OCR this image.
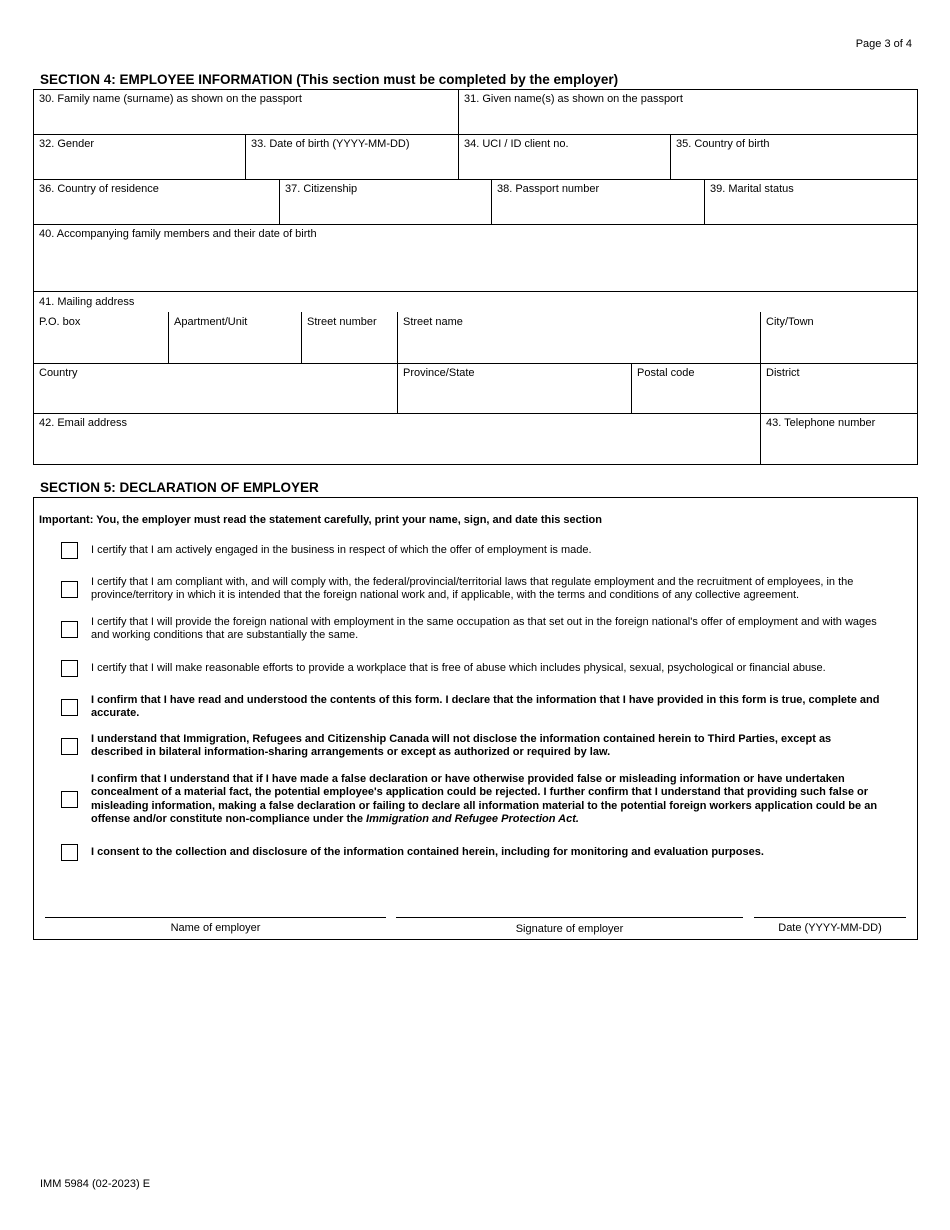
Page 3 of 4
SECTION 4: EMPLOYEE INFORMATION (This section must be completed by the employer)
30. Family name (surname) as shown on the passport	31. Given name(s) as shown on the passport
32. Gender	33. Date of birth (YYYY-MM-DD)	34. UCI / ID client no.	35. Country of birth
36. Country of residence	37. Citizenship	38. Passport number	39. Marital status
40. Accompanying family members and their date of birth
41. Mailing address
P.O. box	Apartment/Unit	Street number	Street name	City/Town
Country	Province/State	Postal code	District
42. Email address	43. Telephone number
SECTION 5: DECLARATION OF EMPLOYER
Important: You, the employer must read the statement carefully, print your name, sign, and date this section
I certify that I am actively engaged in the business in respect of which the offer of employment is made.
I certify that I am compliant with, and will comply with, the federal/provincial/territorial laws that regulate employment and the recruitment of employees, in the province/territory in which it is intended that the foreign national work and, if applicable, with the terms and conditions of any collective agreement.
I certify that I will provide the foreign national with employment in the same occupation as that set out in the foreign national's offer of employment and with wages and working conditions that are substantially the same.
I certify that I will make reasonable efforts to provide a workplace that is free of abuse which includes physical, sexual, psychological or financial abuse.
I confirm that I have read and understood the contents of this form. I declare that the information that I have provided in this form is true, complete and accurate.
I understand that Immigration, Refugees and Citizenship Canada will not disclose the information contained herein to Third Parties, except as described in bilateral information-sharing arrangements or except as authorized or required by law.
I confirm that I understand that if I have made a false declaration or have otherwise provided false or misleading information or have undertaken concealment of a material fact, the potential employee's application could be rejected. I further confirm that I understand that providing such false or misleading information, making a false declaration or failing to declare all information material to the potential foreign workers application could be an offense and/or constitute non-compliance under the Immigration and Refugee Protection Act.
I consent to the collection and disclosure of the information contained herein, including for monitoring and evaluation purposes.
Name of employer	Signature of employer	Date (YYYY-MM-DD)
IMM 5984 (02-2023) E
